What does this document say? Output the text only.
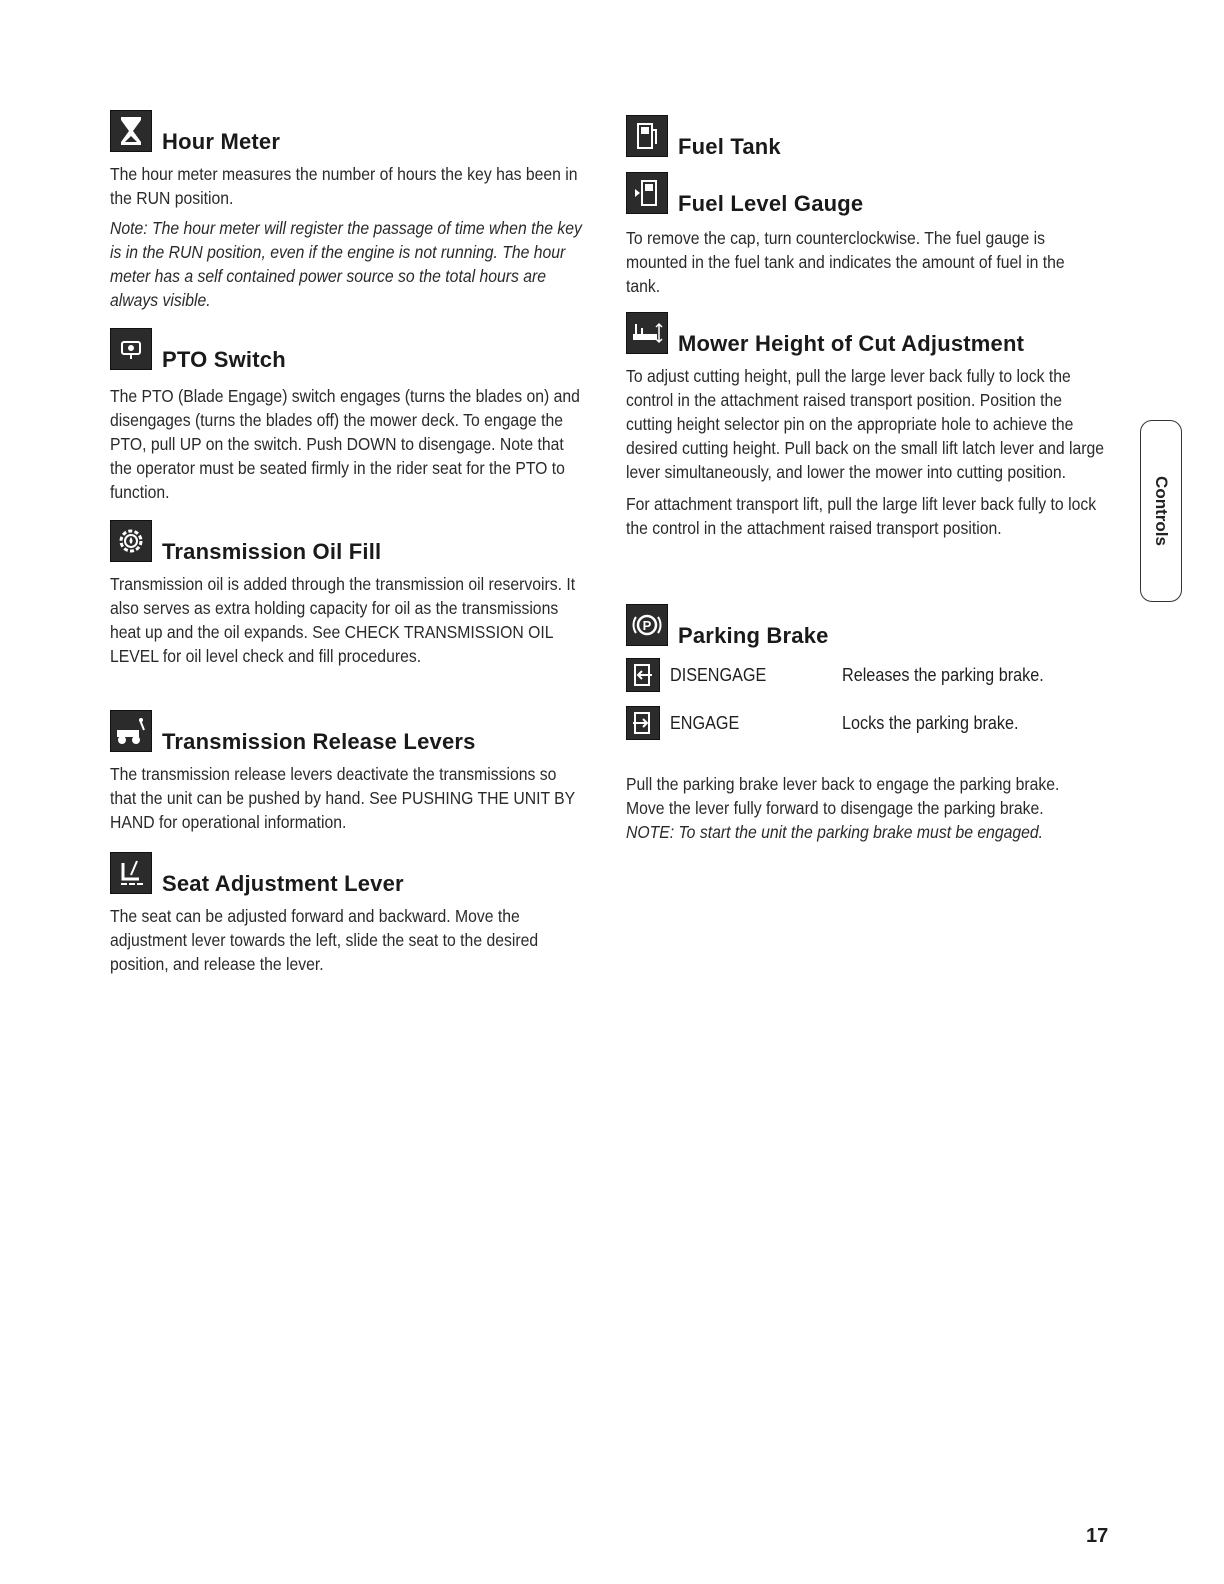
Hour Meter

The hour meter measures the number of hours the key has been in the RUN position.

Note: The hour meter will register the passage of time when the key is in the RUN position, even if the engine is not running. The hour meter has a self contained power source so the total hours are always visible.

PTO Switch

The PTO (Blade Engage) switch engages (turns the blades on) and disengages (turns the blades off) the mower deck. To engage the PTO, pull UP on the switch. Push DOWN to disengage. Note that the operator must be seated firmly in the rider seat for the PTO to function.

Transmission Oil Fill

Transmission oil is added through the transmission oil reservoirs. It also serves as extra holding capacity for oil as the transmissions heat up and the oil expands. See CHECK TRANSMISSION OIL LEVEL for oil level check and fill procedures.

Transmission Release Levers

The transmission release levers deactivate the transmissions so that the unit can be pushed by hand. See PUSHING THE UNIT BY HAND for operational information.

Seat Adjustment Lever

The seat can be adjusted forward and backward. Move the adjustment lever towards the left, slide the seat to the desired position, and release the lever.

Fuel Tank
Fuel Level Gauge

To remove the cap, turn counterclockwise. The fuel gauge is mounted in the fuel tank and indicates the amount of fuel in the tank.

Mower Height of Cut Adjustment

To adjust cutting height, pull the large lever back fully to lock the control in the attachment raised transport position. Position the cutting height selector pin on the appropriate hole to achieve the desired cutting height. Pull back on the small lift latch lever and large lever simultaneously, and lower the mower into cutting position.

For attachment transport lift, pull the large lift lever back fully to lock the control in the attachment raised transport position.

P Parking Brake
DISENGAGE	Releases the parking brake.
ENGAGE	Locks the parking brake.

Pull the parking brake lever back to engage the parking brake. Move the lever fully forward to disengage the parking brake. NOTE: To start the unit the parking brake must be engaged.

Controls
17
